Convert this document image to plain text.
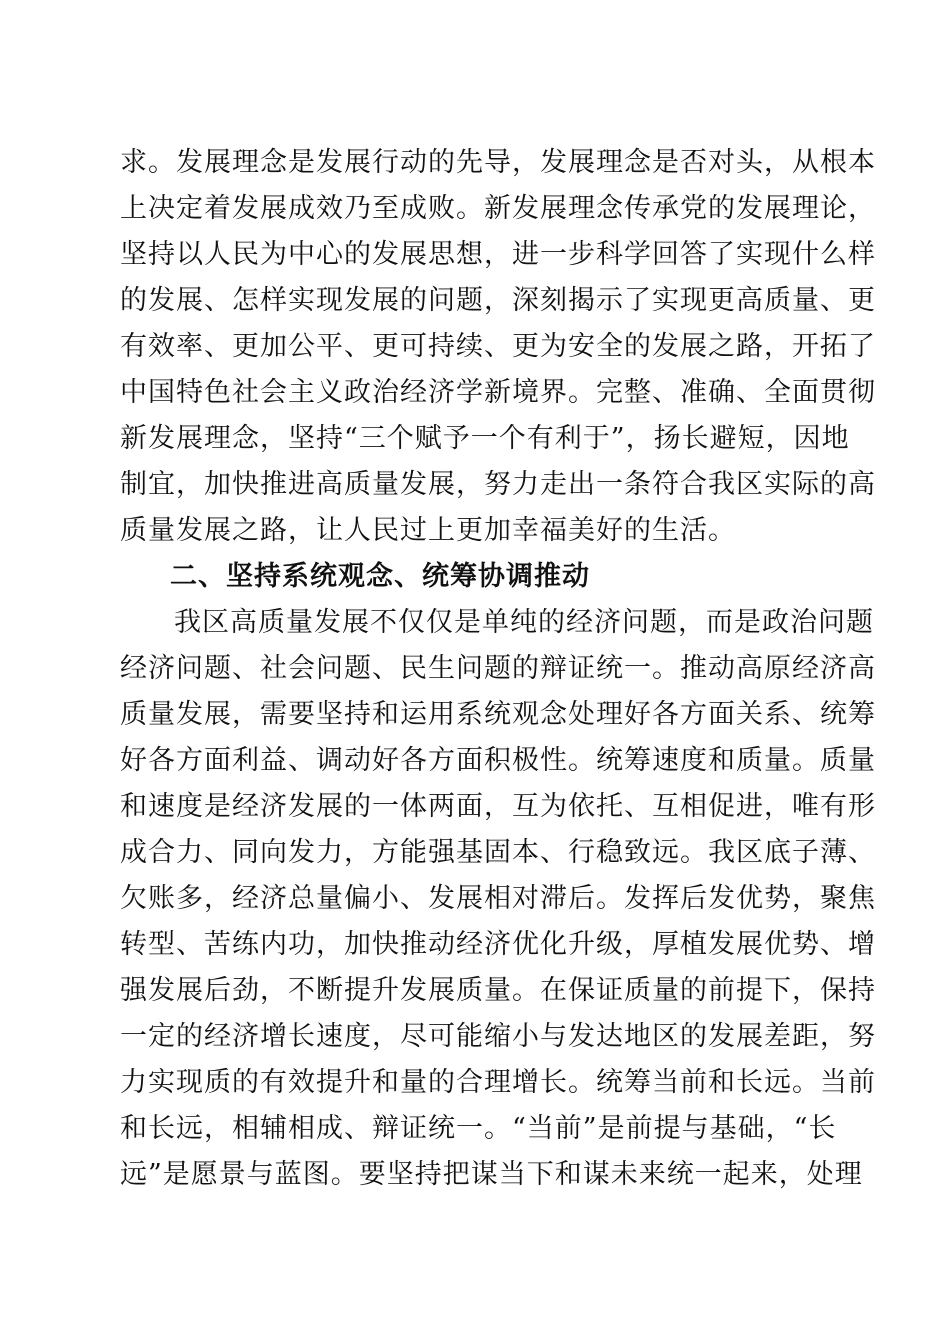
求。发展理念是发展行动的先导，发展理念是否对头，从根本
上决定着发展成效乃至成败。新发展理念传承党的发展理论，
坚持以人民为中心的发展思想，进一步科学回答了实现什么样
的发展、怎样实现发展的问题，深刻揭示了实现更高质量、更
有效率、更加公平、更可持续、更为安全的发展之路，开拓了
中国特色社会主义政治经济学新境界。完整、准确、全面贯彻
新发展理念，坚持“三个赋予一个有利于”，扬长避短，因地
制宜，加快推进高质量发展，努力走出一条符合我区实际的高
质量发展之路，让人民过上更加幸福美好的生活。
二、坚持系统观念、统筹协调推动
我区高质量发展不仅仅是单纯的经济问题，而是政治问题
经济问题、社会问题、民生问题的辩证统一。推动高原经济高
质量发展，需要坚持和运用系统观念处理好各方面关系、统筹
好各方面利益、调动好各方面积极性。统筹速度和质量。质量
和速度是经济发展的一体两面，互为依托、互相促进，唯有形
成合力、同向发力，方能强基固本、行稳致远。我区底子薄、
欠账多，经济总量偏小、发展相对滞后。发挥后发优势，聚焦
转型、苦练内功，加快推动经济优化升级，厚植发展优势、增
强发展后劲，不断提升发展质量。在保证质量的前提下，保持
一定的经济增长速度，尽可能缩小与发达地区的发展差距，努
力实现质的有效提升和量的合理增长。统筹当前和长远。当前
和长远，相辅相成、辩证统一。“当前”是前提与基础，“长
远”是愿景与蓝图。要坚持把谋当下和谋未来统一起来，处理
